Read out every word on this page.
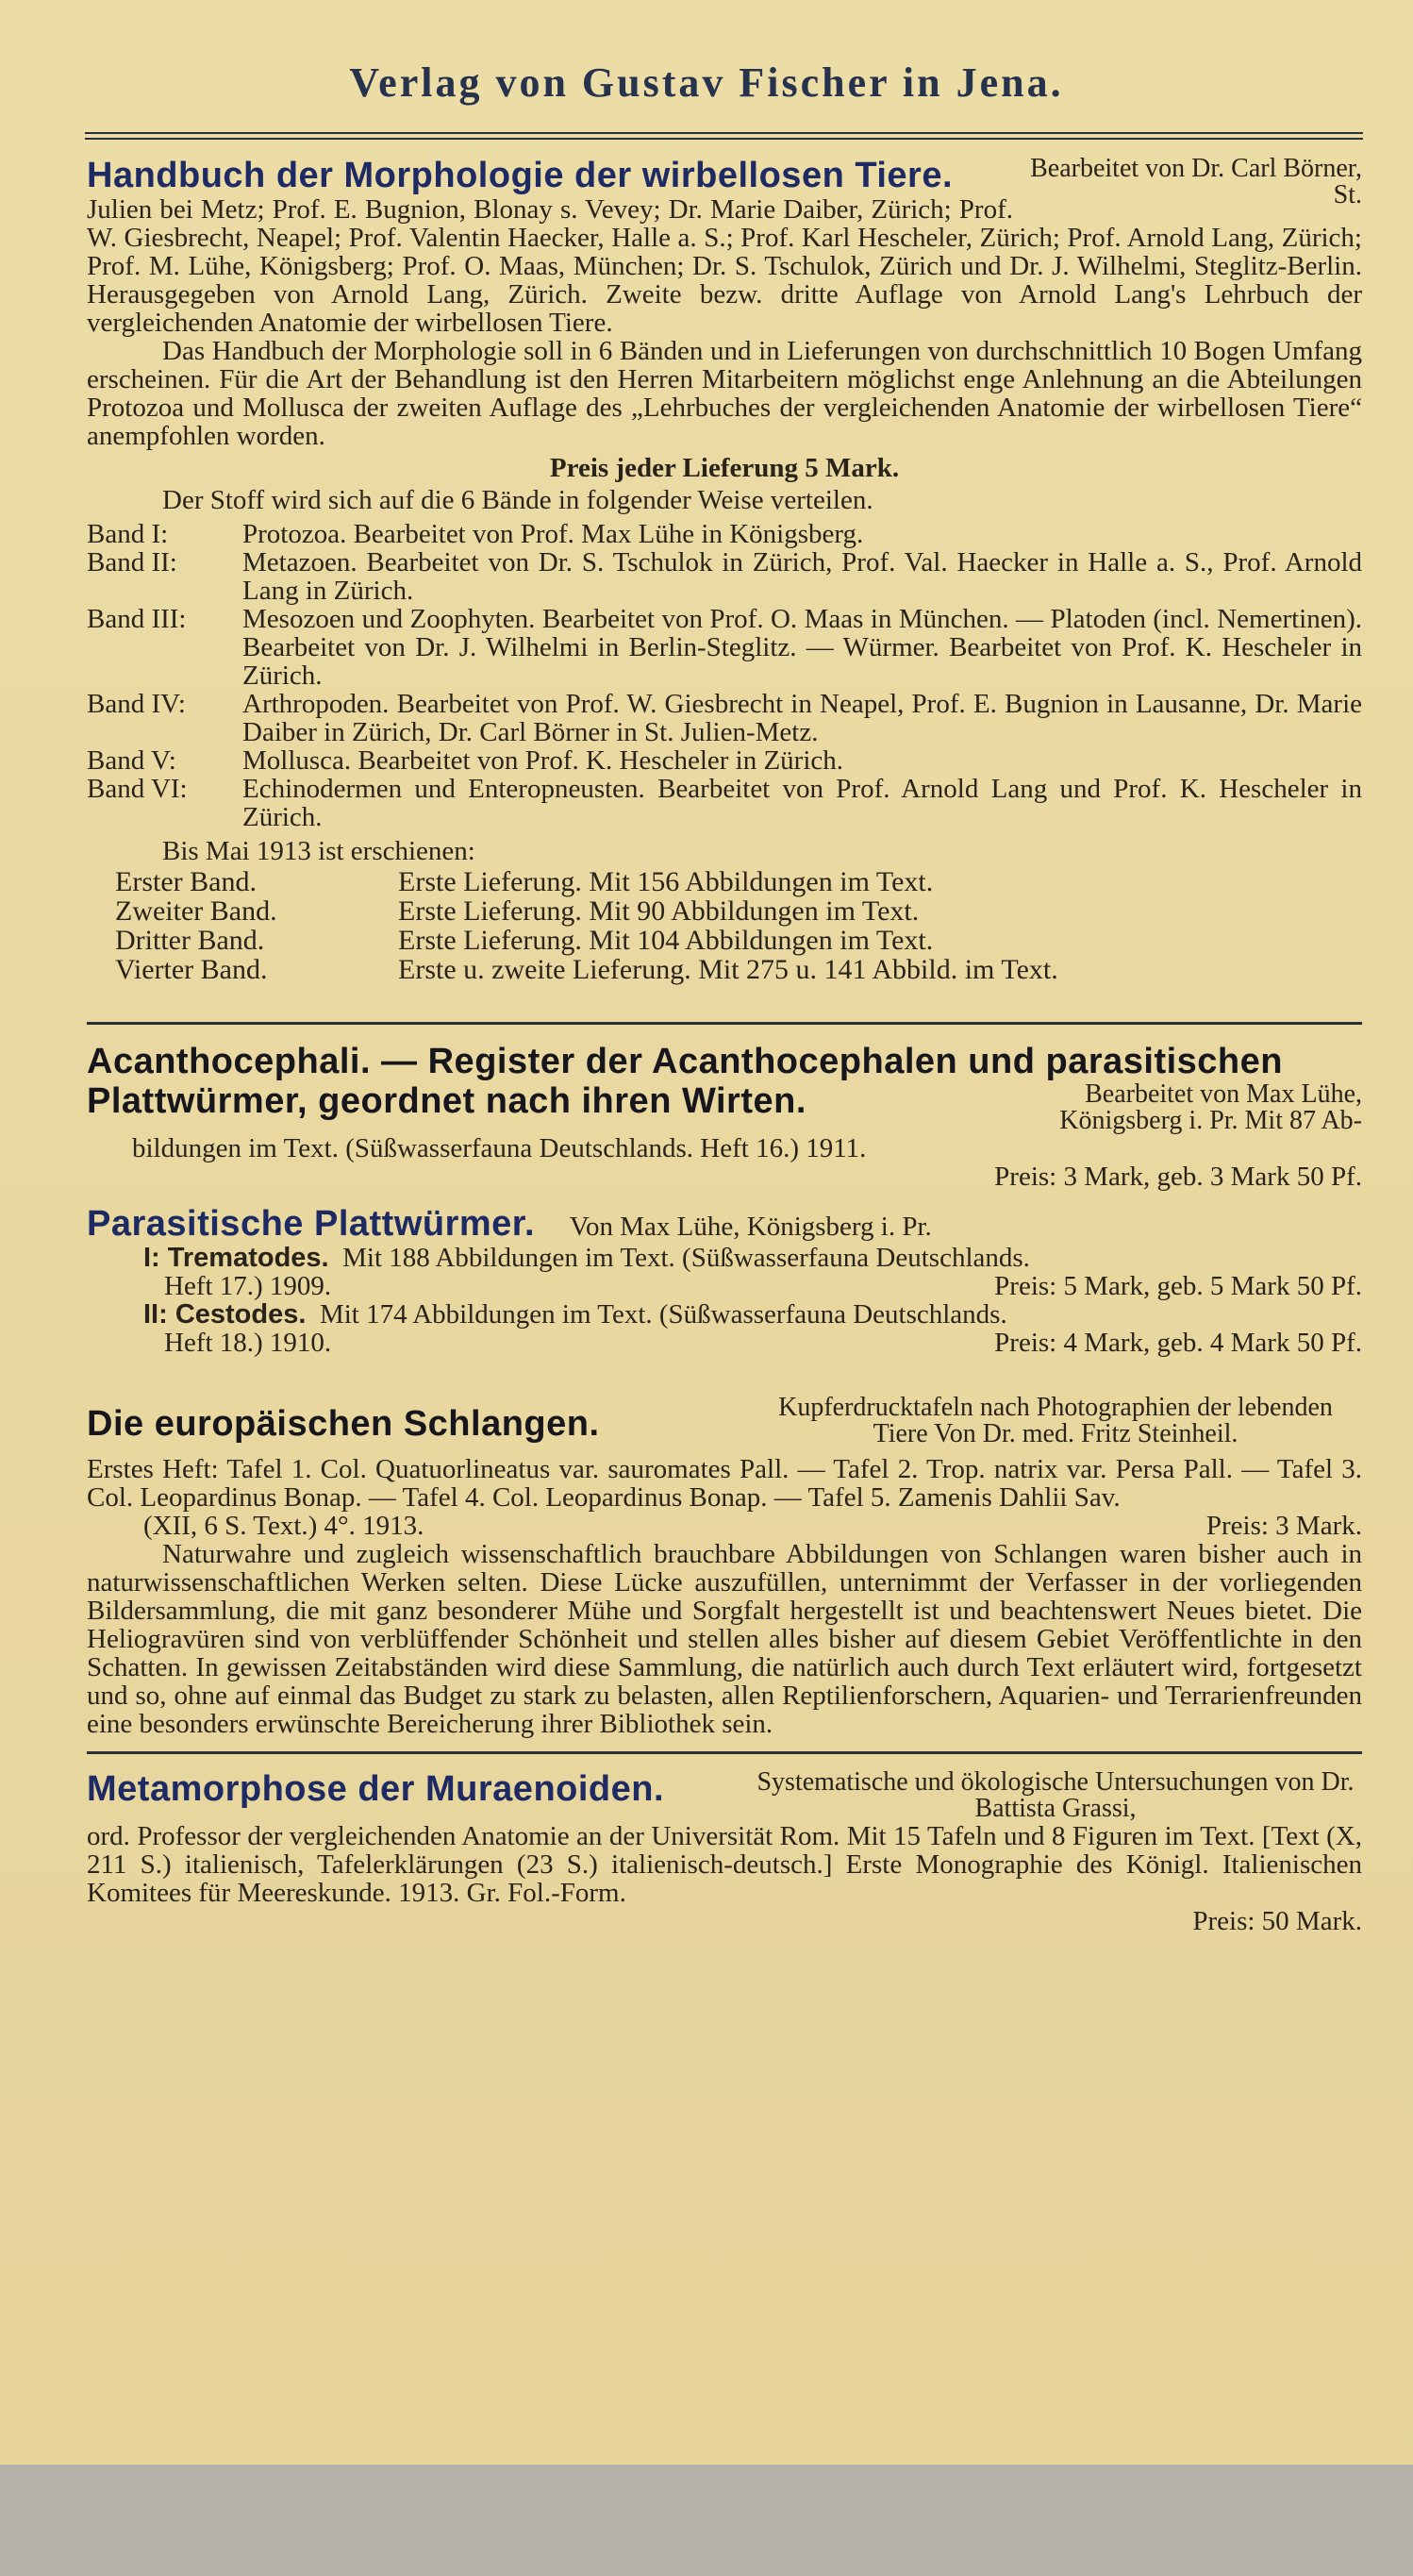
Verlag von Gustav Fischer in Jena.
Bearbeitet von Dr. Carl Börner, St.
Handbuch der Morphologie der wirbellosen Tiere.
Julien bei Metz; Prof. E. Bugnion, Blonay s. Vevey; Dr. Marie Daiber, Zürich; Prof. W. Giesbrecht, Neapel; Prof. Valentin Haecker, Halle a. S.; Prof. Karl Hescheler, Zürich; Prof. Arnold Lang, Zürich; Prof. M. Lühe, Königsberg; Prof. O. Maas, München; Dr. S. Tschulok, Zürich und Dr. J. Wilhelmi, Steglitz-Berlin. Herausgegeben von Arnold Lang, Zürich. Zweite bezw. dritte Auflage von Arnold Lang's Lehrbuch der vergleichenden Anatomie der wirbellosen Tiere.
Das Handbuch der Morphologie soll in 6 Bänden und in Lieferungen von durchschnittlich 10 Bogen Umfang erscheinen. Für die Art der Behandlung ist den Herren Mitarbeitern möglichst enge Anlehnung an die Abteilungen Protozoa und Mollusca der zweiten Auflage des „Lehrbuches der vergleichenden Anatomie der wirbellosen Tiere“ anempfohlen worden.
Preis jeder Lieferung 5 Mark.
Der Stoff wird sich auf die 6 Bände in folgender Weise verteilen.
Band I:	Protozoa. Bearbeitet von Prof. Max Lühe in Königsberg.
Band II:	Metazoen. Bearbeitet von Dr. S. Tschulok in Zürich, Prof. Val. Haecker in Halle a. S., Prof. Arnold Lang in Zürich.
Band III:	Mesozoen und Zoophyten. Bearbeitet von Prof. O. Maas in München. — Platoden (incl. Nemertinen). Bearbeitet von Dr. J. Wilhelmi in Berlin-Steglitz. — Würmer. Bearbeitet von Prof. K. Hescheler in Zürich.
Band IV:	Arthropoden. Bearbeitet von Prof. W. Giesbrecht in Neapel, Prof. E. Bugnion in Lausanne, Dr. Marie Daiber in Zürich, Dr. Carl Börner in St. Julien-Metz.
Band V:	Mollusca. Bearbeitet von Prof. K. Hescheler in Zürich.
Band VI:	Echinodermen und Enteropneusten. Bearbeitet von Prof. Arnold Lang und Prof. K. Hescheler in Zürich.
Bis Mai 1913 ist erschienen:
Erster Band.	Erste Lieferung. Mit 156 Abbildungen im Text.
Zweiter Band.	Erste Lieferung. Mit 90 Abbildungen im Text.
Dritter Band.	Erste Lieferung. Mit 104 Abbildungen im Text.
Vierter Band.	Erste u. zweite Lieferung. Mit 275 u. 141 Abbild. im Text.
Acanthocephali. — Register der Acanthocephalen und parasitischen
Bearbeitet von Max Lühe, Königsberg i. Pr. Mit 87 Ab-
Plattwürmer, geordnet nach ihren Wirten.
bildungen im Text. (Süßwasserfauna Deutschlands. Heft 16.) 1911.
Preis: 3 Mark, geb. 3 Mark 50 Pf.
Parasitische Plattwürmer. Von Max Lühe, Königsberg i. Pr.
I: Trematodes. Mit 188 Abbildungen im Text. (Süßwasserfauna Deutschlands.
Heft 17.) 1909.	Preis: 5 Mark, geb. 5 Mark 50 Pf.
II: Cestodes. Mit 174 Abbildungen im Text. (Süßwasserfauna Deutschlands.
Heft 18.) 1910.	Preis: 4 Mark, geb. 4 Mark 50 Pf.
Kupferdrucktafeln nach Photographien der lebenden Tiere Von Dr. med. Fritz Steinheil.
Die europäischen Schlangen.
Erstes Heft: Tafel 1. Col. Quatuorlineatus var. sauromates Pall. — Tafel 2. Trop. natrix var. Persa Pall. — Tafel 3. Col. Leopardinus Bonap. — Tafel 4. Col. Leopardinus Bonap. — Tafel 5. Zamenis Dahlii Sav.
(XII, 6 S. Text.) 4°. 1913.	Preis: 3 Mark.
Naturwahre und zugleich wissenschaftlich brauchbare Abbildungen von Schlangen waren bisher auch in naturwissenschaftlichen Werken selten. Diese Lücke auszufüllen, unternimmt der Verfasser in der vorliegenden Bildersammlung, die mit ganz besonderer Mühe und Sorgfalt hergestellt ist und beachtenswert Neues bietet. Die Heliogravüren sind von verblüffender Schönheit und stellen alles bisher auf diesem Gebiet Veröffentlichte in den Schatten. In gewissen Zeitabständen wird diese Sammlung, die natürlich auch durch Text erläutert wird, fortgesetzt und so, ohne auf einmal das Budget zu stark zu belasten, allen Reptilienforschern, Aquarien- und Terrarienfreunden eine besonders erwünschte Bereicherung ihrer Bibliothek sein.
Systematische und ökologische Untersuchungen von Dr. Battista Grassi,
Metamorphose der Muraenoiden.
ord. Professor der vergleichenden Anatomie an der Universität Rom. Mit 15 Tafeln und 8 Figuren im Text. [Text (X, 211 S.) italienisch, Tafelerklärungen (23 S.) italienisch-deutsch.] Erste Monographie des Königl. Italienischen Komitees für Meereskunde. 1913. Gr. Fol.-Form.
Preis: 50 Mark.
